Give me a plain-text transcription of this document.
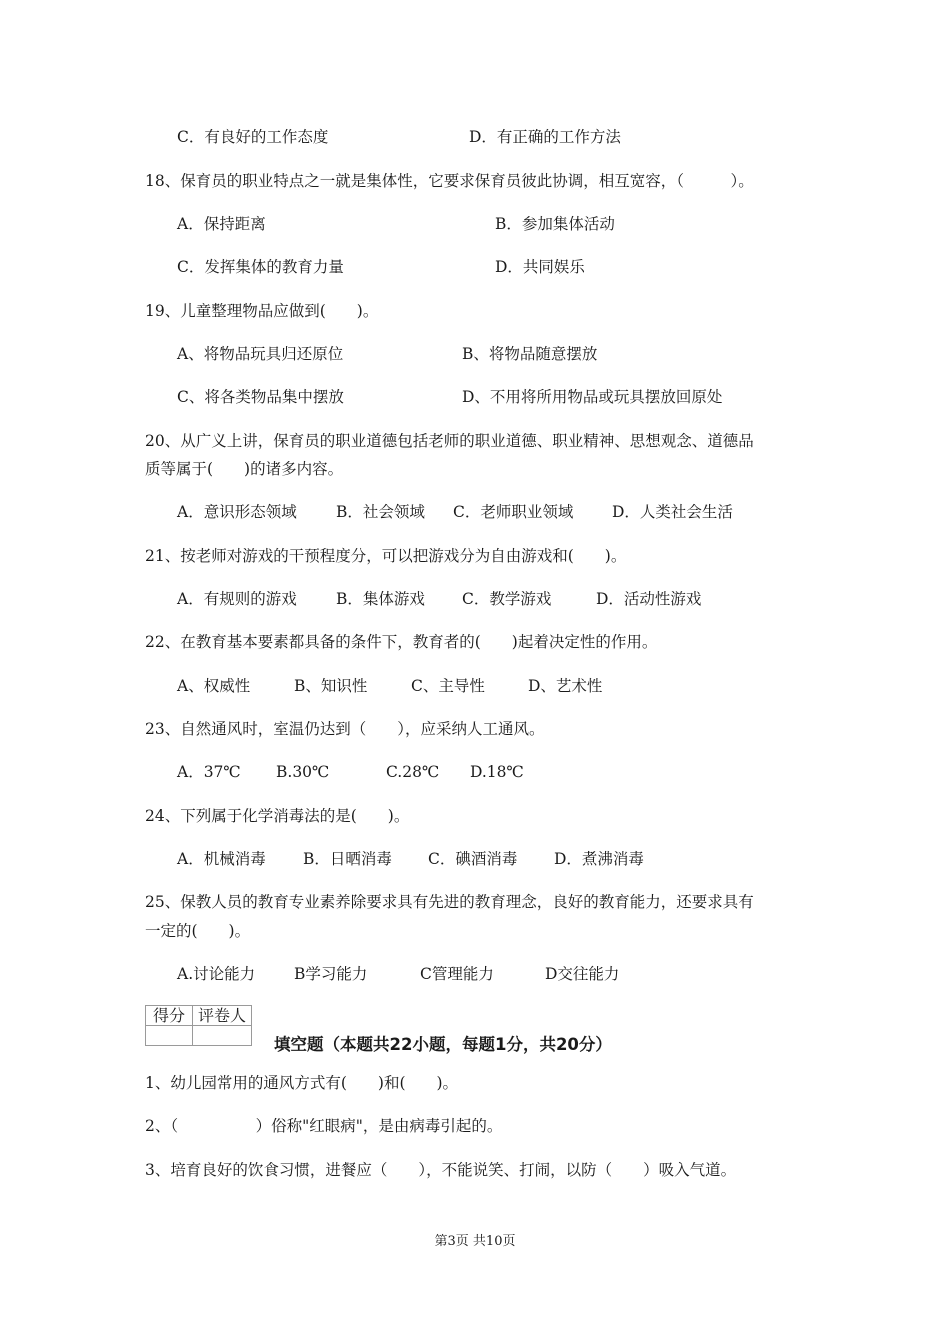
C．有良好的工作态度	D．有正确的工作方法
18、保育员的职业特点之一就是集体性，它要求保育员彼此协调，相互宽容，（　　　）。
A．保持距离	B．参加集体活动
C．发挥集体的教育力量	D．共同娱乐
19、儿童整理物品应做到(　　)。
A、将物品玩具归还原位	B、将物品随意摆放
C、将各类物品集中摆放	D、不用将所用物品或玩具摆放回原处
20、从广义上讲，保育员的职业道德包括老师的职业道德、职业精神、思想观念、道德品
质等属于(　　)的诸多内容。
A．意识形态领域	B．社会领域 C．老师职业领域 D．人类社会生活
21、按老师对游戏的干预程度分，可以把游戏分为自由游戏和(　　)。
A．有规则的游戏	B．集体游戏 C．教学游戏	D．活动性游戏
22、在教育基本要素都具备的条件下，教育者的(　　)起着决定性的作用。
A、权威性	B、知识性	C、主导性	D、艺术性
23、自然通风时，室温仍达到（　　），应采纳人工通风。
A．37℃ B.30℃	C.28℃ D.18℃
24、下列属于化学消毒法的是(　　)。
A．机械消毒 B．日晒消毒 C．碘酒消毒 D．煮沸消毒
25、保教人员的教育专业素养除要求具有先进的教育理念，良好的教育能力，还要求具有
一定的(　　)。
A.讨论能力	B学习能力	C管理能力	D交往能力
得分	评卷人

填空题（本题共22小题，每题1分，共20分）
1、幼儿园常用的通风方式有(　　)和(　　)。
2、（　　　　　）俗称"红眼病"，是由病毒引起的。
3、培育良好的饮食习惯，进餐应（　　），不能说笑、打闹，以防（　　）吸入气道。
第3页 共10页
